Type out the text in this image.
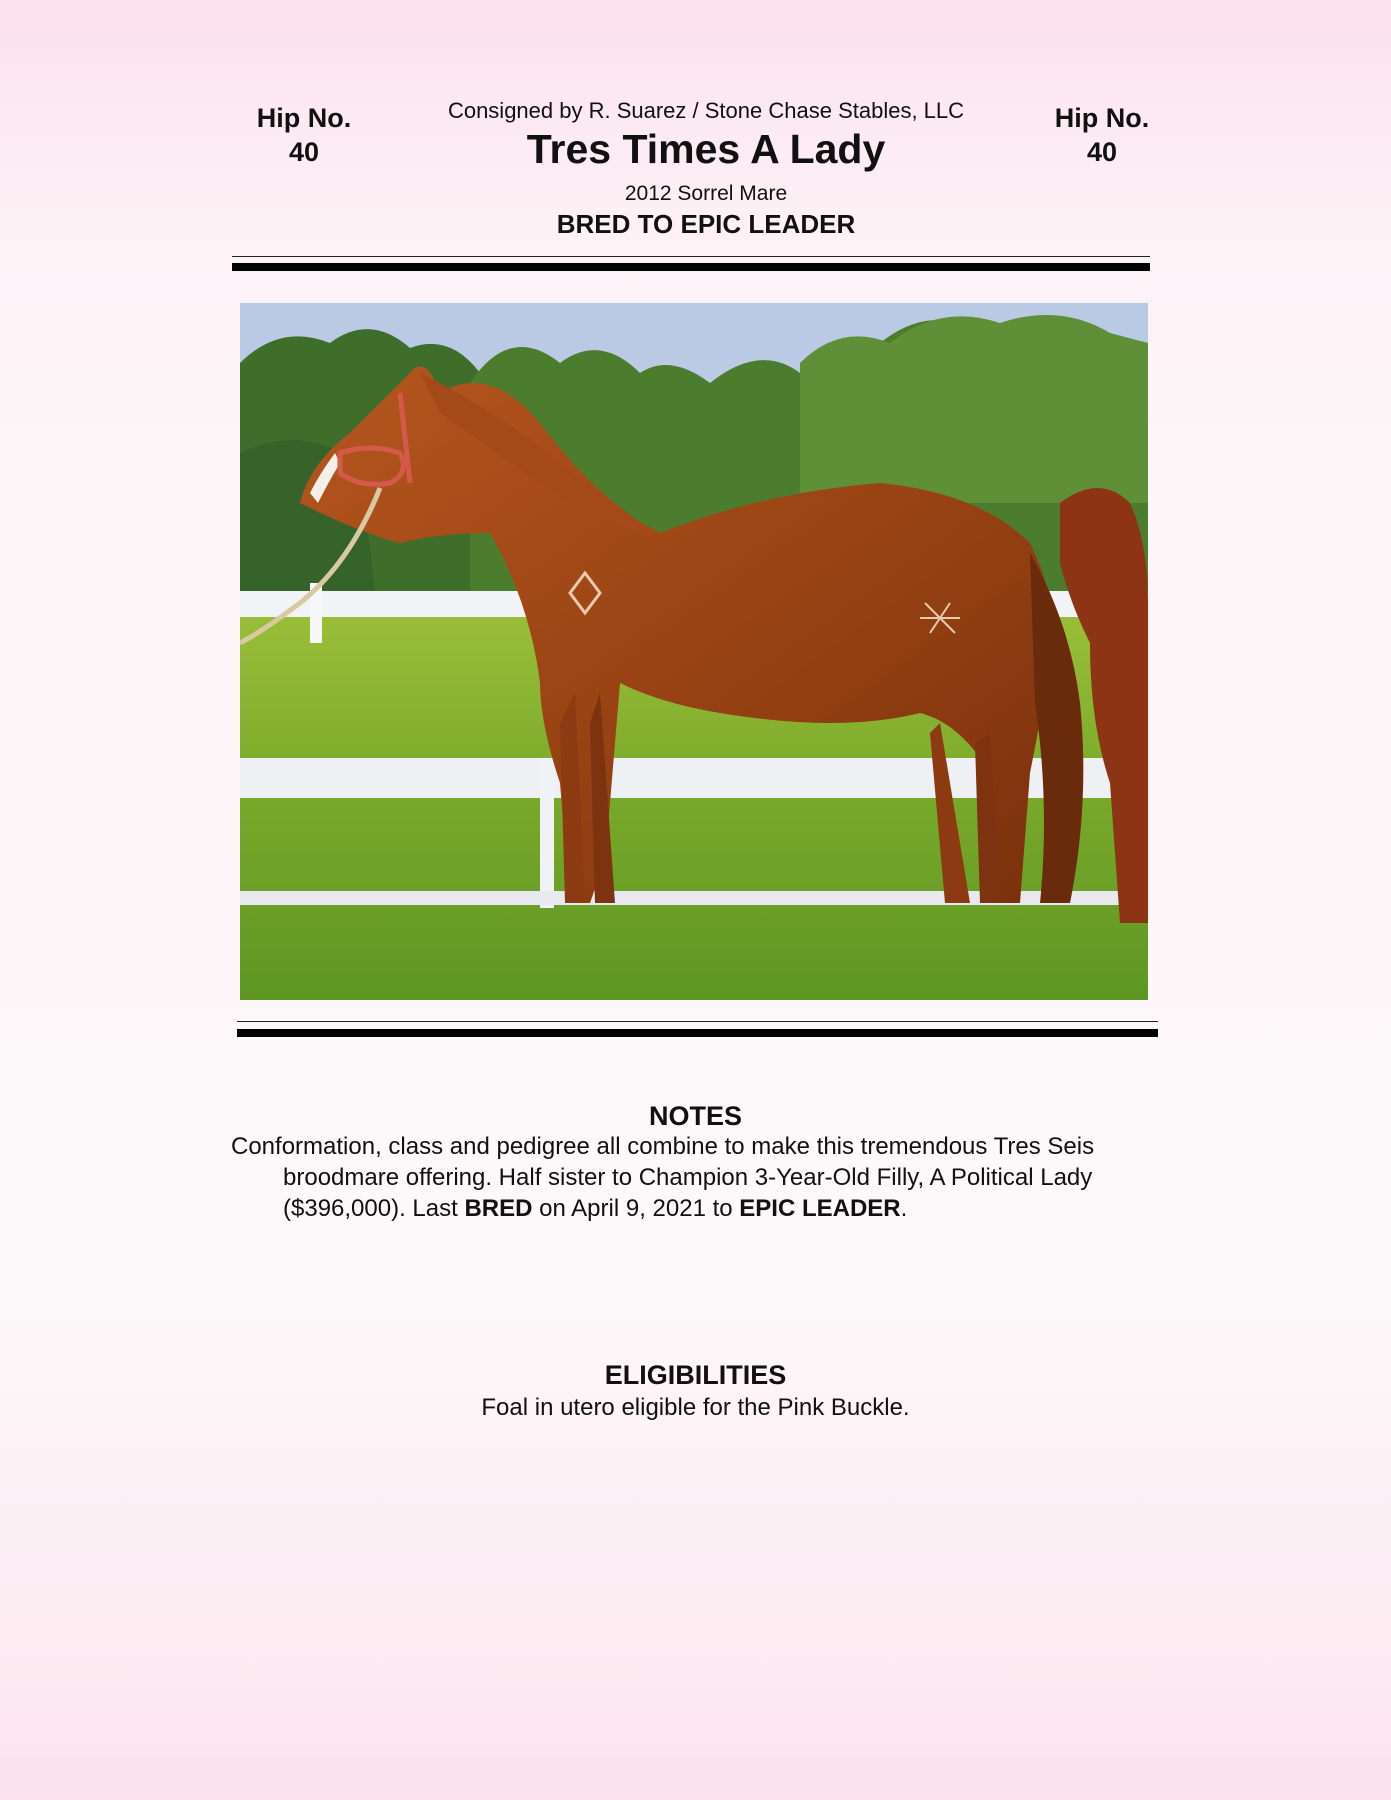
Hip No.
40
Hip No.
40
Consigned by R. Suarez / Stone Chase Stables, LLC
Tres Times A Lady
2012 Sorrel Mare
BRED TO EPIC LEADER
NOTES
Conformation, class and pedigree all combine to make this tremendous Tres Seis broodmare offering. Half sister to Champion 3-Year-Old Filly, A Political Lady ($396,000). Last BRED on April 9, 2021 to EPIC LEADER.
ELIGIBILITIES
Foal in utero eligible for the Pink Buckle.
